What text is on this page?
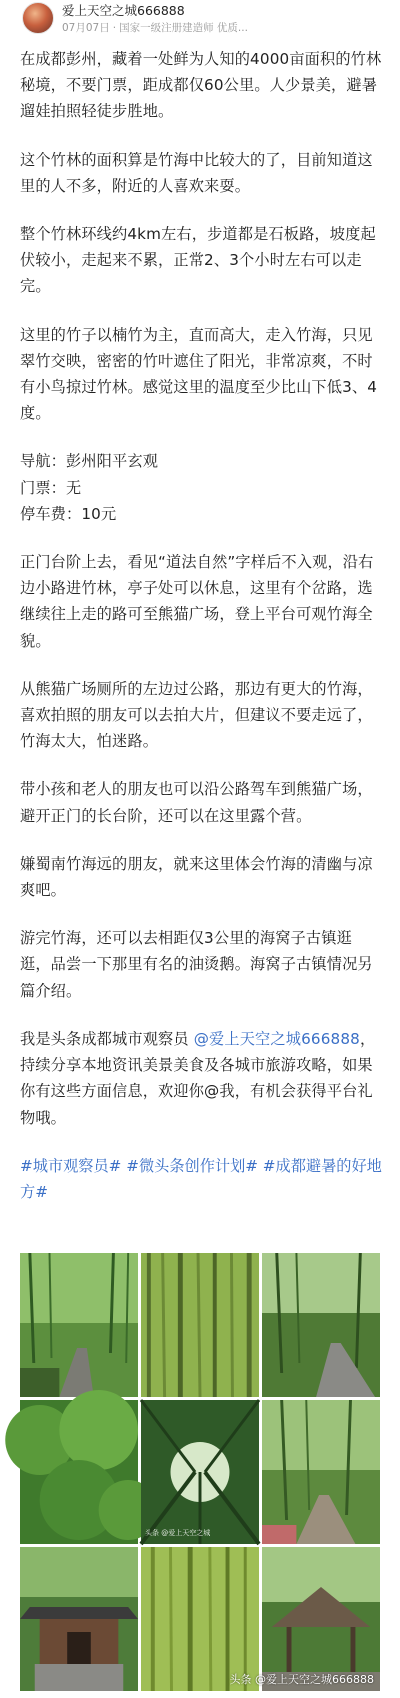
爱上天空之城666888
07月07日 · 国家一级注册建造师 优质...

在成都彭州，藏着一处鲜为人知的4000亩面积的竹林秘境，不要门票，距成都仅60公里。人少景美，避暑遛娃拍照轻徒步胜地。

这个竹林的面积算是竹海中比较大的了，目前知道这里的人不多，附近的人喜欢来耍。

整个竹林环线约4km左右，步道都是石板路，坡度起伏较小，走起来不累，正常2、3个小时左右可以走完。

这里的竹子以楠竹为主，直而高大，走入竹海，只见翠竹交映，密密的竹叶遮住了阳光，非常凉爽，不时有小鸟掠过竹林。感觉这里的温度至少比山下低3、4度。

导航：彭州阳平玄观

门票：无

停车费：10元

正门台阶上去，看见“道法自然”字样后不入观，沿右边小路进竹林，亭子处可以休息，这里有个岔路，选继续往上走的路可至熊猫广场，登上平台可观竹海全貌。

从熊猫广场厕所的左边过公路，那边有更大的竹海，喜欢拍照的朋友可以去拍大片，但建议不要走远了，竹海太大，怕迷路。

带小孩和老人的朋友也可以沿公路驾车到熊猫广场，避开正门的长台阶，还可以在这里露个营。

嫌蜀南竹海远的朋友，就来这里体会竹海的清幽与凉爽吧。

游完竹海，还可以去相距仅3公里的海窝子古镇逛逛，品尝一下那里有名的油烫鹅。海窝子古镇情况另篇介绍。

我是头条成都城市观察员 @爱上天空之城666888，持续分享本地资讯美景美食及各城市旅游攻略，如果你有这些方面信息，欢迎你@我，有机会获得平台礼物哦。

#城市观察员# #微头条创作计划# #成都避暑的好地方#

头条 @爱上天空之城
头条 @爱上天空之城666888
